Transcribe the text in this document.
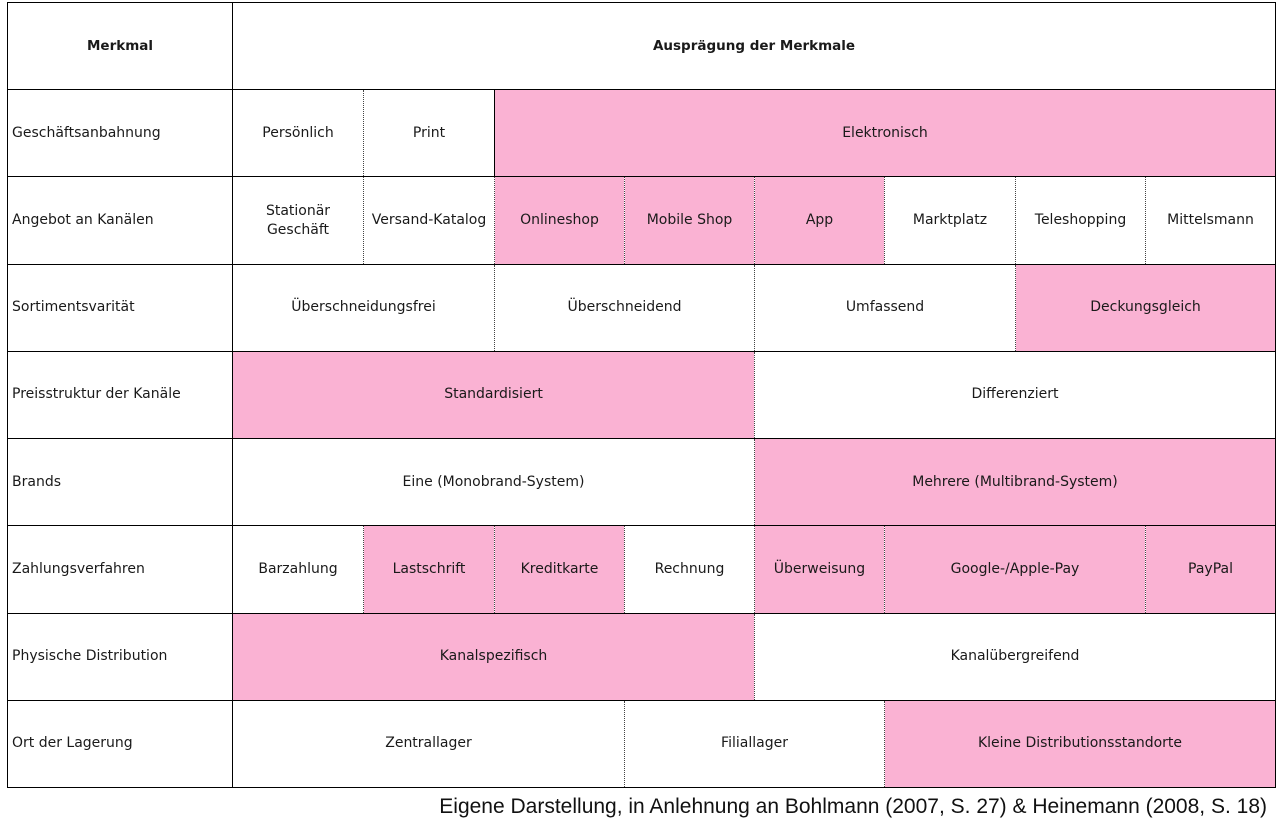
Merkmal	Ausprägung der Merkmale							
Geschäftsanbahnung	Persönlich	Print	Elektronisch					
Angebot an Kanälen	Stationär Geschäft	Versand-Katalog	Onlineshop	Mobile Shop	App	Marktplatz	Teleshopping	Mittelsmann
Sortimentsvarität	Überschneidungsfrei		Überschneidend		Umfassend		Deckungsgleich	
Preisstruktur der Kanäle	Standardisiert				Differenziert			
Brands	Eine (Monobrand-System)				Mehrere (Multibrand-System)			
Zahlungsverfahren	Barzahlung	Lastschrift	Kreditkarte	Rechnung	Überweisung	Google-/Apple-Pay		PayPal
Physische Distribution	Kanalspezifisch				Kanalübergreifend			
Ort der Lagerung	Zentrallager			Filiallager		Kleine Distributionsstandorte		
Eigene Darstellung, in Anlehnung an Bohlmann (2007, S. 27) & Heinemann (2008, S. 18)
